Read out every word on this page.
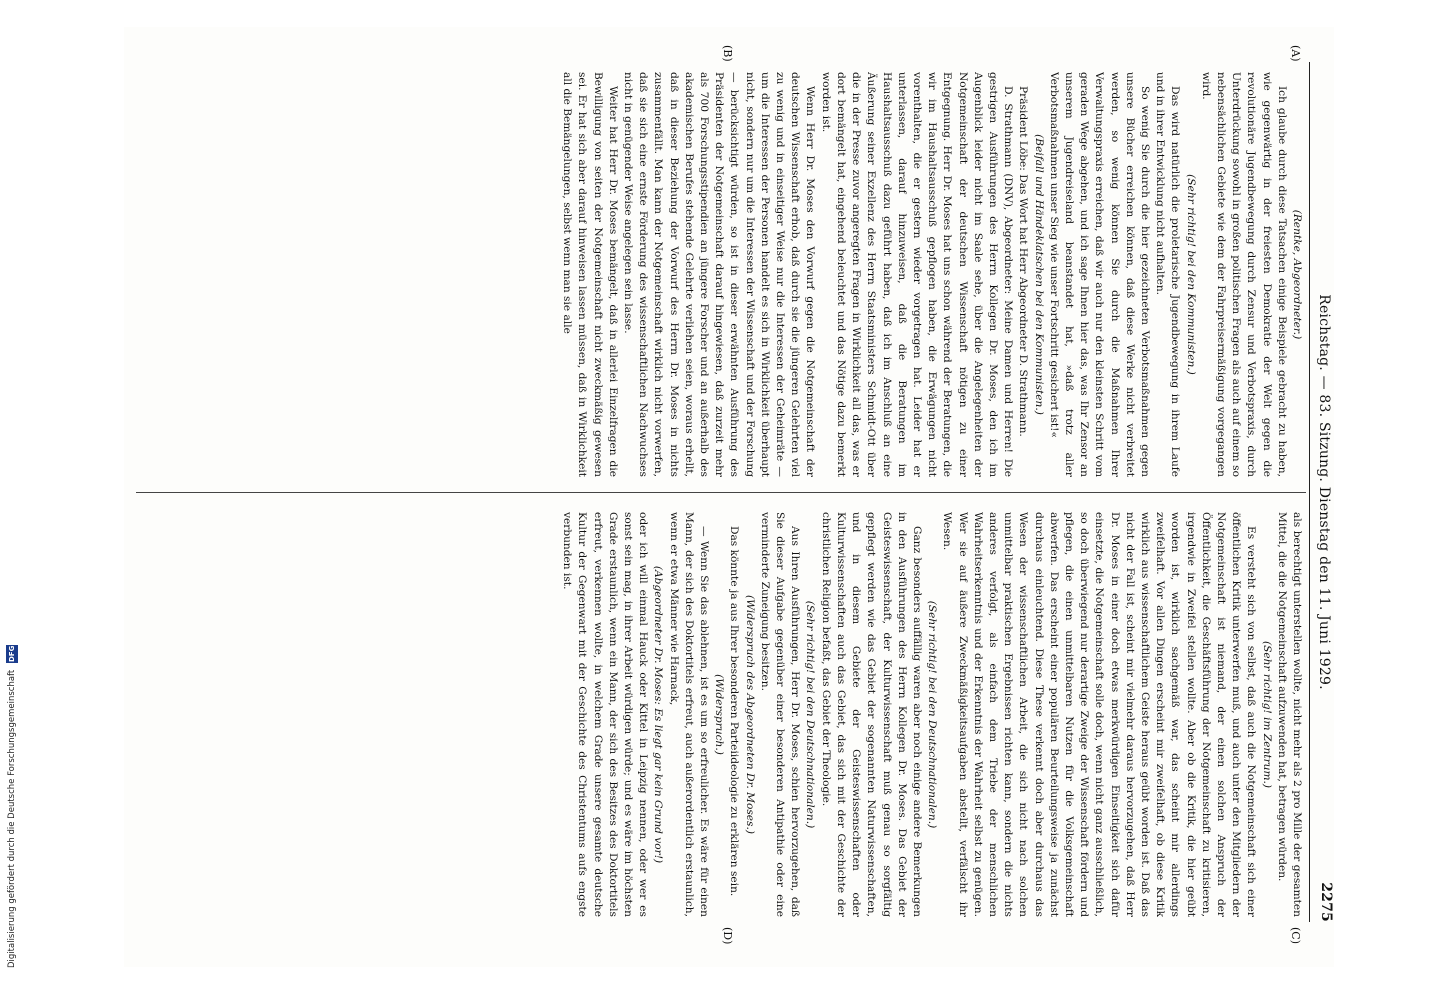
Reichstag. — 83. Sitzung. Dienstag den 11. Juni 1929.
2275
(A)
(B)
(C)
(D)

(Rentke, Abgeordneter.)

Ich glaube durch diese Tatsachen einige Beispiele gebracht zu haben, wie gegenwärtig in der freiesten Demokratie der Welt gegen die revolutionäre Jugendbewegung durch Zensur und Verbotspraxis, durch Unterdrückung sowohl in großen politischen Fragen als auch auf einem so nebensächlichen Gebiete wie dem der Fahrpreisermäßigung vorgegangen wird.

(Sehr richtig! bei den Kommunisten.)

Das wird natürlich die proletarische Jugendbewegung in ihrem Laufe und in ihrer Entwicklung nicht aufhalten.

So wenig Sie durch die hier gezeichneten Verbotsmaßnahmen gegen unsere Bücher erreichen können, daß diese Werke nicht verbreitet werden, so wenig können Sie durch die Maßnahmen Ihrer Verwaltungspraxis erreichen, daß wir auch nur den kleinsten Schritt vom geraden Wege abgehen, und ich sage Ihnen hier das, was Ihr Zensor an unserem Jugendreiseland beanstandet hat, »daß trotz aller Verbotsmaßnahmen unser Sieg wie unser Fortschritt gesichert ist!«

(Beifall und Händeklatschen bei den Kommunisten.)

Präsident Löbe: Das Wort hat Herr Abgeordneter D. Strathmann.

D. Strathmann (DNV), Abgeordneter: Meine Damen und Herren! Die gestrigen Ausführungen des Herrn Kollegen Dr. Moses, den ich im Augenblick leider nicht im Saale sehe, über die Angelegenheiten der Notgemeinschaft der deutschen Wissenschaft nötigen zu einer Entgegnung. Herr Dr. Moses hat uns schon während der Beratungen, die wir im Haushaltsausschuß gepflogen haben, die Erwägungen nicht vorenthalten, die er gestern wieder vorgetragen hat. Leider hat er unterlassen, darauf hinzuweisen, daß die Beratungen im Haushaltsausschuß dazu geführt haben, daß ich im Anschluß an eine Äußerung seiner Exzellenz des Herrn Staatsministers Schmidt-Ott über die in der Presse zuvor angeregten Fragen in Wirklichkeit all das, was er dort bemängelt hat, eingehend beleuchtet und das Nötige dazu bemerkt worden ist.

Wenn Herr Dr. Moses den Vorwurf gegen die Notgemeinschaft der deutschen Wissenschaft erhob, daß durch sie die jüngeren Gelehrten viel zu wenig und in einseitiger Weise nur die Interessen der Geheimräte — um die Interessen der Personen handelt es sich in Wirklichkeit überhaupt nicht, sondern nur um die Interessen der Wissenschaft und der Forschung — berücksichtigt würden, so ist in dieser erwähnten Ausführung des Präsidenten der Notgemeinschaft darauf hingewiesen, daß zurzeit mehr als 700 Forschungsstipendien an jüngere Forscher und an außerhalb des akademischen Berufes stehende Gelehrte verliehen seien, woraus erhellt, daß in dieser Beziehung der Vorwurf des Herrn Dr. Moses in nichts zusammenfällt. Man kann der Notgemeinschaft wirklich nicht vorwerfen, daß sie sich eine ernste Förderung des wissenschaftlichen Nachwuchses nicht in genügender Weise angelegen sein lasse.

Weiter hat Herr Dr. Moses bemängelt, daß in allerlei Einzelfragen die Bewilligung von seiten der Notgemeinschaft nicht zweckmäßig gewesen sei. Er hat sich aber darauf hinweisen lassen müssen, daß in Wirklichkeit all die Bemängelungen, selbst wenn man sie alle

als berechtigt unterstellen wollte, nicht mehr als 2 pro Mille der gesamten Mittel, die die Notgemeinschaft aufzuwenden hat, betragen würden.

(Sehr richtig! im Zentrum.)

Es versteht sich von selbst, daß auch die Notgemeinschaft sich einer öffentlichen Kritik unterwerfen muß, und auch unter den Mitgliedern der Notgemeinschaft ist niemand, der einen solchen Anspruch der Öffentlichkeit, die Geschäftsführung der Notgemeinschaft zu kritisieren, irgendwie in Zweifel stellen wollte. Aber ob die Kritik, die hier geübt worden ist, wirklich sachgemäß war, das scheint mir allerdings zweifelhaft. Vor allen Dingen erscheint mir zweifelhaft, ob diese Kritik wirklich aus wissenschaftlichem Geiste heraus geübt worden ist. Daß das nicht der Fall ist, scheint mir vielmehr daraus hervorzugehen, daß Herr Dr. Moses in einer doch etwas merkwürdigen Einseitigkeit sich dafür einsetzte, die Notgemeinschaft solle doch, wenn nicht ganz ausschließlich, so doch überwiegend nur derartige Zweige der Wissenschaft fördern und pflegen, die einen unmittelbaren Nutzen für die Volksgemeinschaft abwerfen. Das erscheint einer populären Beurteilungsweise ja zunächst durchaus einleuchtend. Diese These verkennt doch aber durchaus das Wesen der wissenschaftlichen Arbeit, die sich nicht nach solchen unmittelbar praktischen Ergebnissen richten kann, sondern die nichts anderes verfolgt, als einfach dem Triebe der menschlichen Wahrheitserkenntnis und der Erkenntnis der Wahrheit selbst zu genügen. Wer sie auf äußere Zweckmäßigkeitsaufgaben abstellt, verfälscht ihr Wesen.

(Sehr richtig! bei den Deutschnationalen.)

Ganz besonders auffällig waren aber noch einige andere Bemerkungen in den Ausführungen des Herrn Kollegen Dr. Moses. Das Gebiet der Geisteswissenschaft, der Kulturwissenschaft muß genau so sorgfältig gepflegt werden wie das Gebiet der sogenannten Naturwissenschaften, und in diesem Gebiete der Geisteswissenschaften oder Kulturwissenschaften auch das Gebiet, das sich mit der Geschichte der christlichen Religion befaßt, das Gebiet der Theologie.

(Sehr richtig! bei den Deutschnationalen.)

Aus Ihren Ausführungen, Herr Dr. Moses, schien hervorzugehen, daß Sie dieser Aufgabe gegenüber einer besonderen Antipathie oder eine verminderte Zuneigung besitzen.

(Widerspruch des Abgeordneten Dr. Moses.)

Das könnte ja aus Ihrer besonderen Parteiideologie zu erklären sein.

(Widerspruch.)

— Wenn Sie das ablehnen, ist es um so erfreulicher. Es wäre für einen Mann, der sich des Doktortitels erfreut, auch außerordentlich erstaunlich, wenn er etwa Männer wie Harnack,

(Abgeordneter Dr. Moses: Es liegt gar kein Grund vor!)

oder ich will einmal Hauck oder Kittel in Leipzig nennen, oder wer es sonst sein mag, in ihrer Arbeit würdigen würde; und es wäre im höchsten Grade erstaunlich, wenn ein Mann, der sich des Besitzes des Doktortitels erfreut, verkennen wollte, in welchem Grade unsere gesamte deutsche Kultur der Gegenwart mit der Geschichte des Christentums aufs engste verbunden ist.

Digitalisierung gefördert durch die Deutsche Forschungsgemeinschaft DFG
